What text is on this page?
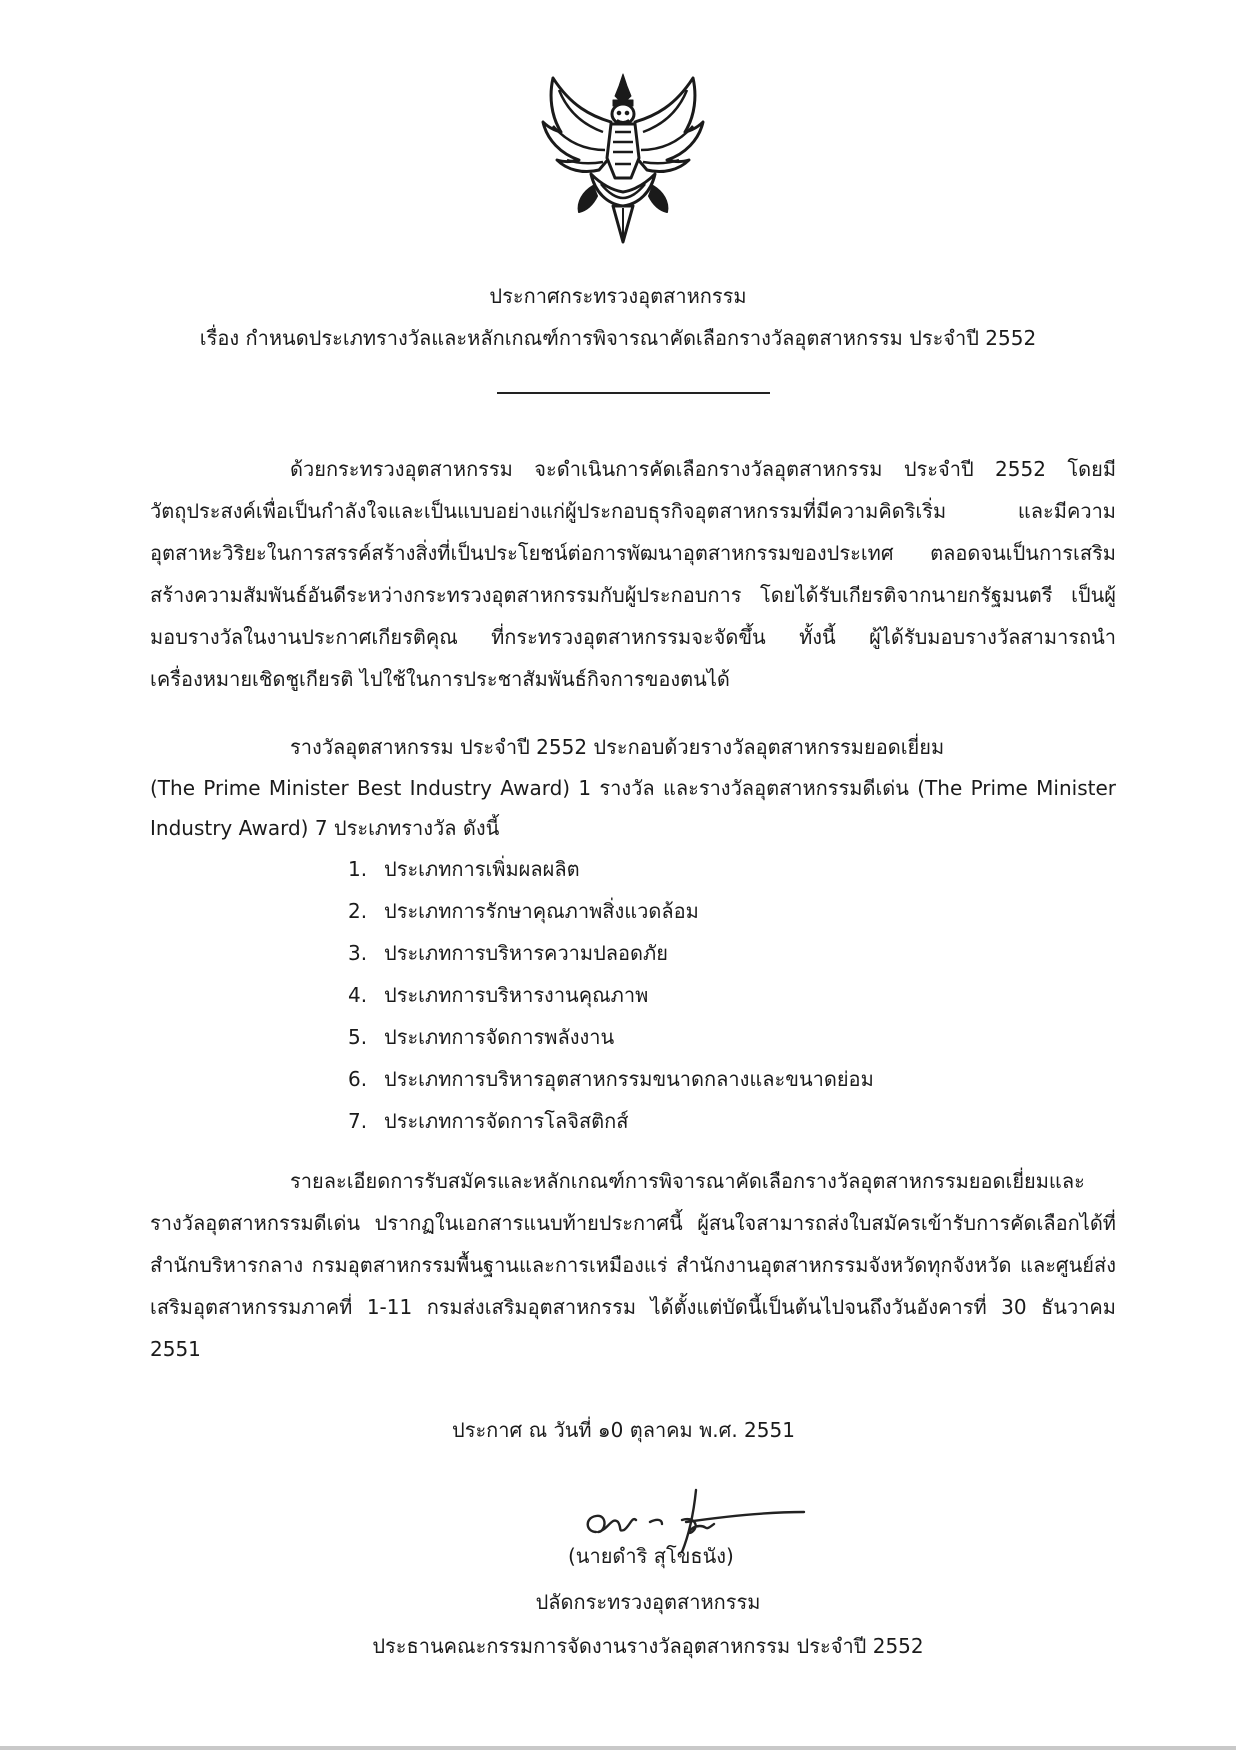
ประกาศกระทรวงอุตสาหกรรม
เรื่อง กำหนดประเภทรางวัลและหลักเกณฑ์การพิจารณาคัดเลือกรางวัลอุตสาหกรรม ประจำปี 2552

ด้วยกระทรวงอุตสาหกรรม จะดำเนินการคัดเลือกรางวัลอุตสาหกรรม ประจำปี 2552 โดยมีวัตถุประสงค์เพื่อเป็นกำลังใจและเป็นแบบอย่างแก่ผู้ประกอบธุรกิจอุตสาหกรรมที่มีความคิดริเริ่ม และมีความอุตสาหะวิริยะในการสรรค์สร้างสิ่งที่เป็นประโยชน์ต่อการพัฒนาอุตสาหกรรมของประเทศ ตลอดจนเป็นการเสริมสร้างความสัมพันธ์อันดีระหว่างกระทรวงอุตสาหกรรมกับผู้ประกอบการ โดยได้รับเกียรติจากนายกรัฐมนตรี เป็นผู้มอบรางวัลในงานประกาศเกียรติคุณ ที่กระทรวงอุตสาหกรรมจะจัดขึ้น ทั้งนี้ ผู้ได้รับมอบรางวัลสามารถนำเครื่องหมายเชิดชูเกียรติ ไปใช้ในการประชาสัมพันธ์กิจการของตนได้

รางวัลอุตสาหกรรม ประจำปี 2552 ประกอบด้วยรางวัลอุตสาหกรรมยอดเยี่ยม

(The Prime Minister Best Industry Award) 1 รางวัล และรางวัลอุตสาหกรรมดีเด่น (The Prime Minister Industry Award) 7 ประเภทรางวัล ดังนี้

1. ประเภทการเพิ่มผลผลิต
2. ประเภทการรักษาคุณภาพสิ่งแวดล้อม
3. ประเภทการบริหารความปลอดภัย
4. ประเภทการบริหารงานคุณภาพ
5. ประเภทการจัดการพลังงาน
6. ประเภทการบริหารอุตสาหกรรมขนาดกลางและขนาดย่อม
7. ประเภทการจัดการโลจิสติกส์

รายละเอียดการรับสมัครและหลักเกณฑ์การพิจารณาคัดเลือกรางวัลอุตสาหกรรมยอดเยี่ยมและรางวัลอุตสาหกรรมดีเด่น ปรากฏในเอกสารแนบท้ายประกาศนี้ ผู้สนใจสามารถส่งใบสมัครเข้ารับการคัดเลือกได้ที่ สำนักบริหารกลาง กรมอุตสาหกรรมพื้นฐานและการเหมืองแร่ สำนักงานอุตสาหกรรมจังหวัดทุกจังหวัด และศูนย์ส่งเสริมอุตสาหกรรมภาคที่ 1-11 กรมส่งเสริมอุตสาหกรรม ได้ตั้งแต่บัดนี้เป็นต้นไปจนถึงวันอังคารที่ 30 ธันวาคม 2551

ประกาศ ณ วันที่ ๑0 ตุลาคม พ.ศ. 2551
(นายดำริ สุโขธนัง)
ปลัดกระทรวงอุตสาหกรรม
ประธานคณะกรรมการจัดงานรางวัลอุตสาหกรรม ประจำปี 2552
